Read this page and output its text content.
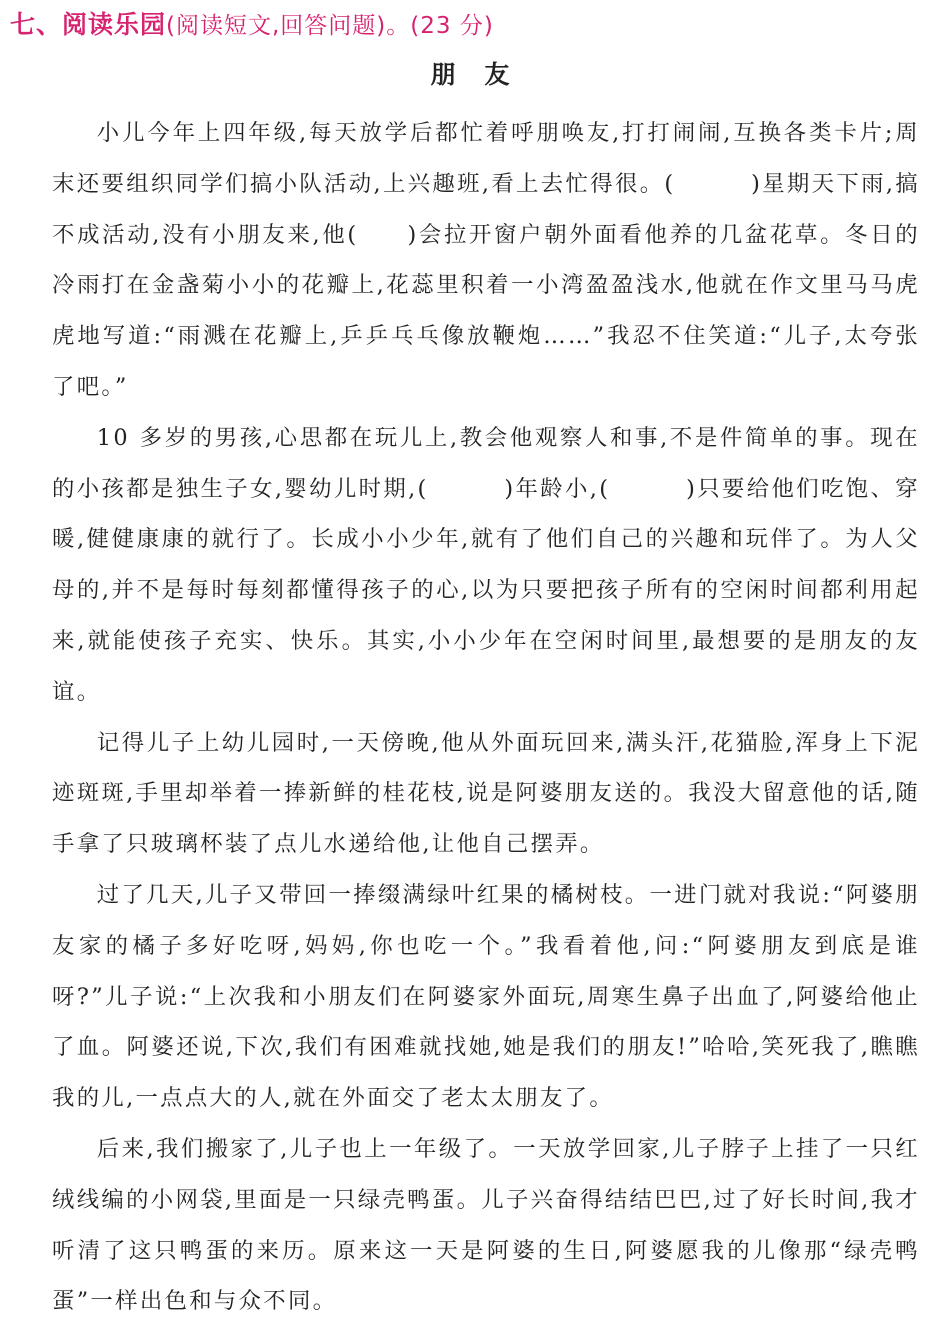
七、阅读乐园(阅读短文,回答问题)。(23 分)
朋 友

小儿今年上四年级,每天放学后都忙着呼朋唤友,打打闹闹,互换各类卡片;周末还要组织同学们搞小队活动,上兴趣班,看上去忙得很。(        )星期天下雨,搞不成活动,没有小朋友来,他(     )会拉开窗户朝外面看他养的几盆花草。冬日的冷雨打在金盏菊小小的花瓣上,花蕊里积着一小湾盈盈浅水,他就在作文里马马虎虎地写道:“雨溅在花瓣上,乒乒乓乓像放鞭炮……”我忍不住笑道:“儿子,太夸张了吧。”

10 多岁的男孩,心思都在玩儿上,教会他观察人和事,不是件简单的事。现在的小孩都是独生子女,婴幼儿时期,(        )年龄小,(        )只要给他们吃饱、穿暖,健健康康的就行了。长成小小少年,就有了他们自己的兴趣和玩伴了。为人父母的,并不是每时每刻都懂得孩子的心,以为只要把孩子所有的空闲时间都利用起来,就能使孩子充实、快乐。其实,小小少年在空闲时间里,最想要的是朋友的友谊。

记得儿子上幼儿园时,一天傍晚,他从外面玩回来,满头汗,花猫脸,浑身上下泥迹斑斑,手里却举着一捧新鲜的桂花枝,说是阿婆朋友送的。我没大留意他的话,随手拿了只玻璃杯装了点儿水递给他,让他自己摆弄。

过了几天,儿子又带回一捧缀满绿叶红果的橘树枝。一进门就对我说:“阿婆朋友家的橘子多好吃呀,妈妈,你也吃一个。”我看着他,问:“阿婆朋友到底是谁呀?”儿子说:“上次我和小朋友们在阿婆家外面玩,周寒生鼻子出血了,阿婆给他止了血。阿婆还说,下次,我们有困难就找她,她是我们的朋友!”哈哈,笑死我了,瞧瞧我的儿,一点点大的人,就在外面交了老太太朋友了。

后来,我们搬家了,儿子也上一年级了。一天放学回家,儿子脖子上挂了一只红绒线编的小网袋,里面是一只绿壳鸭蛋。儿子兴奋得结结巴巴,过了好长时间,我才听清了这只鸭蛋的来历。原来这一天是阿婆的生日,阿婆愿我的儿像那“绿壳鸭蛋”一样出色和与众不同。
